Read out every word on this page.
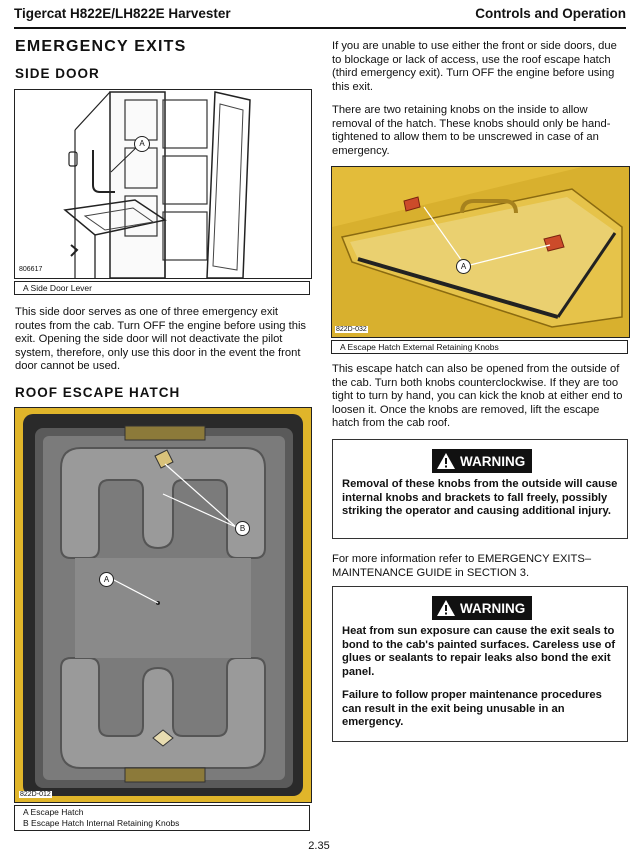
Tigercat H822E/LH822E Harvester	Controls and Operation
EMERGENCY EXITS
SIDE DOOR
A
806617
A Side Door Lever
This side door serves as one of three emergency exit routes from the cab. Turn OFF the engine before using this exit. Opening the side door will not deactivate the pilot system, therefore, only use this door in the event the front door cannot be used.
ROOF ESCAPE HATCH
B
A
822D-012
A Escape Hatch
B Escape Hatch Internal Retaining Knobs
If you are unable to use either the front or side doors, due to blockage or lack of access, use the roof escape hatch (third emergency exit). Turn OFF the engine before using this exit.
There are two retaining knobs on the inside to allow removal of the hatch. These knobs should only be hand-tightened to allow them to be unscrewed in case of an emergency.
A
822D-032
A Escape Hatch External Retaining Knobs
This escape hatch can also be opened from the outside of the cab. Turn both knobs counterclockwise. If they are too tight to turn by hand, you can kick the knob at either end to loosen it. Once the knobs are removed, lift the escape hatch from the cab roof.
WARNING
Removal of these knobs from the outside will cause internal knobs and brackets to fall freely, possibly striking the operator and causing additional injury.
For more information refer to EMERGENCY EXITS–MAINTENANCE GUIDE in SECTION 3.
WARNING
Heat from sun exposure can cause the exit seals to bond to the cab's painted surfaces. Careless use of glues or sealants to repair leaks also bond the exit panel.
Failure to follow proper maintenance procedures can result in the exit being unusable in an emergency.
2.35
